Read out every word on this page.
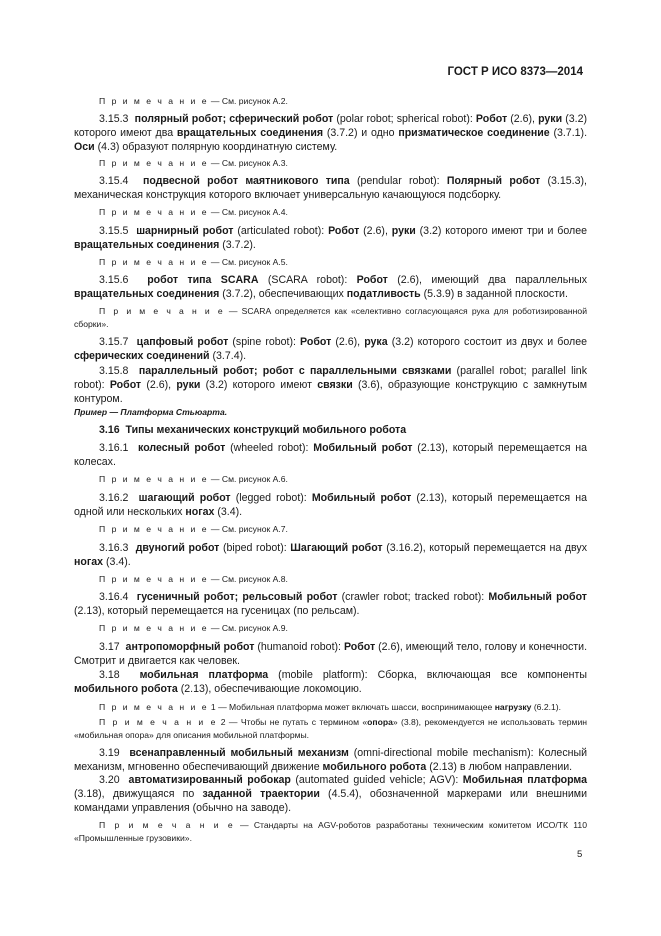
ГОСТ Р ИСО 8373—2014

П р и м е ч а н и е — См. рисунок А.2.

3.15.3 полярный робот; сферический робот (polar robot; spherical robot): Робот (2.6), руки (3.2) которого имеют два вращательных соединения (3.7.2) и одно призматическое соединение (3.7.1). Оси (4.3) образуют полярную координатную систему.

П р и м е ч а н и е — См. рисунок А.3.

3.15.4 подвесной робот маятникового типа (pendular robot): Полярный робот (3.15.3), механическая конструкция которого включает универсальную качающуюся подсборку.

П р и м е ч а н и е — См. рисунок А.4.

3.15.5 шарнирный робот (articulated robot): Робот (2.6), руки (3.2) которого имеют три и более вращательных соединения (3.7.2).

П р и м е ч а н и е — См. рисунок А.5.

3.15.6 робот типа SCARA (SCARA robot): Робот (2.6), имеющий два параллельных вращательных соединения (3.7.2), обеспечивающих податливость (5.3.9) в заданной плоскости.

П р и м е ч а н и е — SCARA определяется как «селективно согласующаяся рука для роботизированной сборки».

3.15.7 цапфовый робот (spine robot): Робот (2.6), рука (3.2) которого состоит из двух и более сферических соединений (3.7.4).

3.15.8 параллельный робот; робот с параллельными связками (parallel robot; parallel link robot): Робот (2.6), руки (3.2) которого имеют связки (3.6), образующие конструкцию с замкнутым контуром.

Пример — Платформа Стьюарта.

3.16 Типы механических конструкций мобильного робота

3.16.1 колесный робот (wheeled robot): Мобильный робот (2.13), который перемещается на колесах.

П р и м е ч а н и е — См. рисунок А.6.

3.16.2 шагающий робот (legged robot): Мобильный робот (2.13), который перемещается на одной или нескольких ногах (3.4).

П р и м е ч а н и е — См. рисунок А.7.

3.16.3 двуногий робот (biped robot): Шагающий робот (3.16.2), который перемещается на двух ногах (3.4).

П р и м е ч а н и е — См. рисунок А.8.

3.16.4 гусеничный робот; рельсовый робот (crawler robot; tracked robot): Мобильный робот (2.13), который перемещается на гусеницах (по рельсам).

П р и м е ч а н и е — См. рисунок А.9.

3.17 антропоморфный робот (humanoid robot): Робот (2.6), имеющий тело, голову и конечности. Смотрит и двигается как человек.

3.18 мобильная платформа (mobile platform): Сборка, включающая все компоненты мобильного робота (2.13), обеспечивающие локомоцию.

П р и м е ч а н и е 1 — Мобильная платформа может включать шасси, воспринимающее нагрузку (6.2.1).

П р и м е ч а н и е 2 — Чтобы не путать с термином «опора» (3.8), рекомендуется не использовать термин «мобильная опора» для описания мобильной платформы.

3.19 всенаправленный мобильный механизм (omni-directional mobile mechanism): Колесный механизм, мгновенно обеспечивающий движение мобильного робота (2.13) в любом направлении.

3.20 автоматизированный робокар (automated guided vehicle; AGV): Мобильная платформа (3.18), движущаяся по заданной траектории (4.5.4), обозначенной маркерами или внешними командами управления (обычно на заводе).

П р и м е ч а н и е — Стандарты на AGV-роботов разработаны техническим комитетом ИСО/ТК 110 «Промышленные грузовики».

5
